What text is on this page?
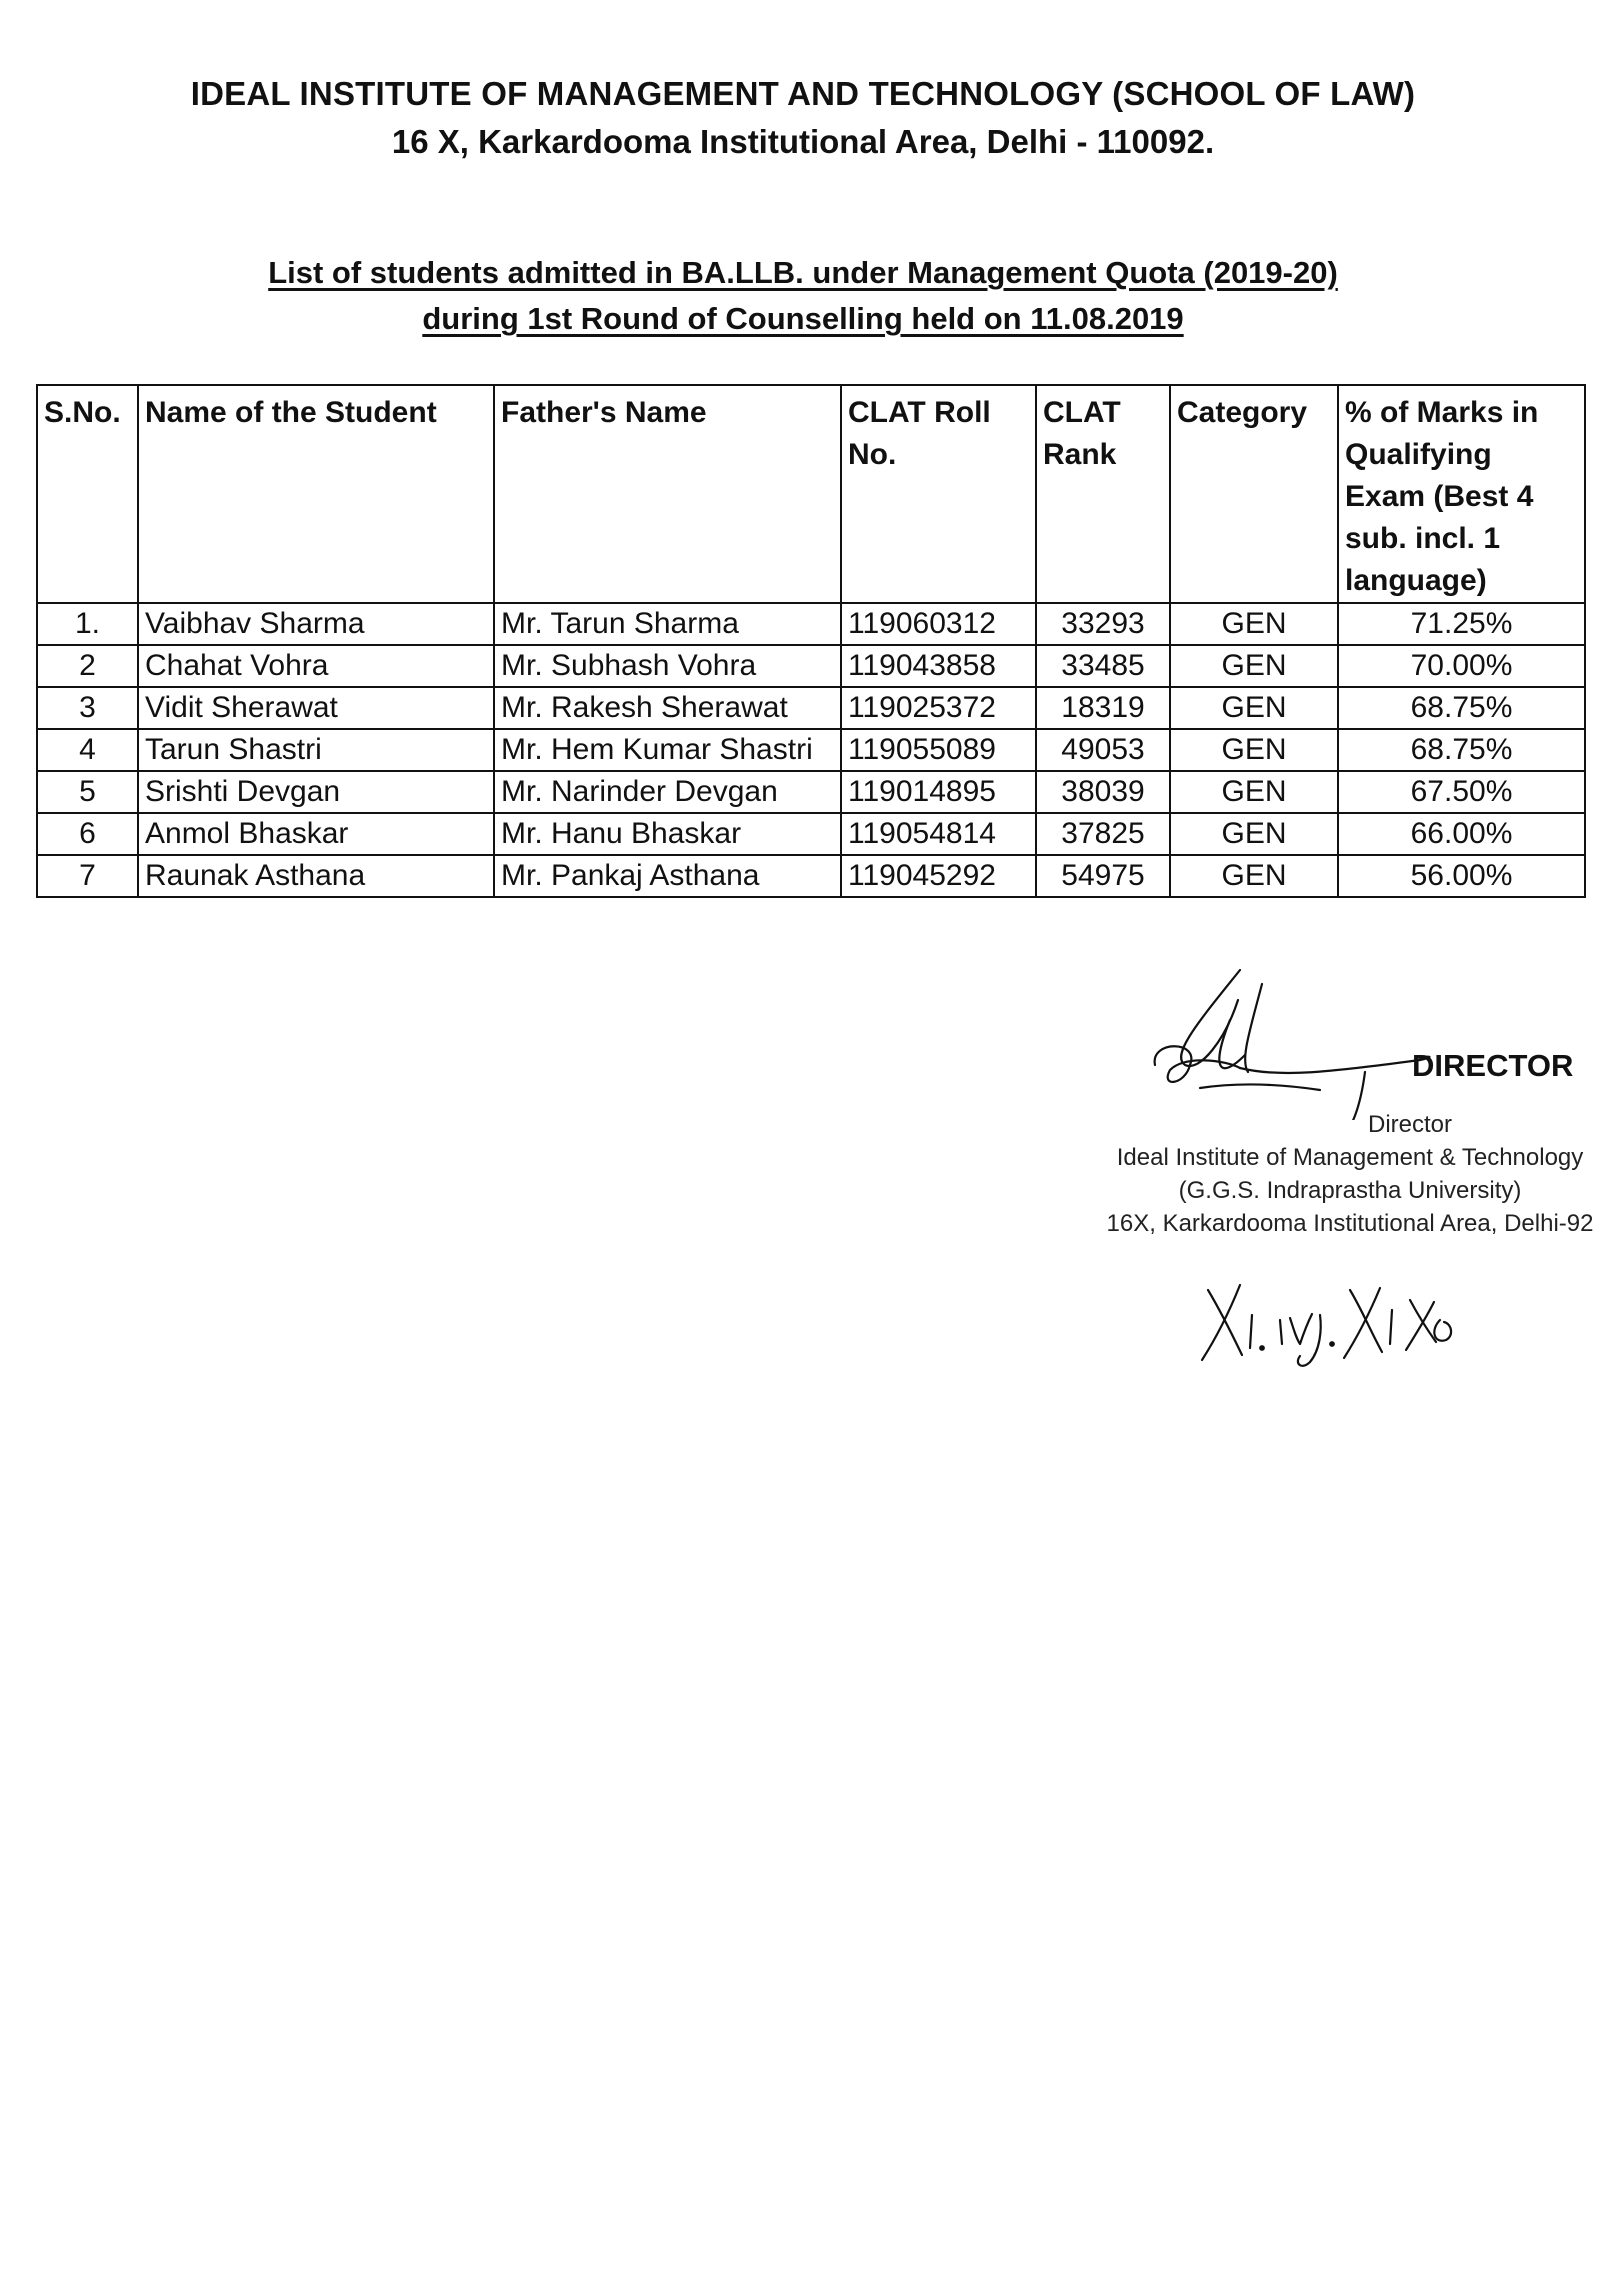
IDEAL INSTITUTE OF MANAGEMENT AND TECHNOLOGY (SCHOOL OF LAW)
16 X, Karkardooma Institutional Area, Delhi - 110092.
List of students admitted in BA.LLB. under Management Quota (2019-20)
during 1st Round of Counselling held on 11.08.2019
S.No.	Name of the Student	Father's Name	CLAT Roll No.	CLAT Rank	Category	% of Marks in Qualifying Exam (Best 4 sub. incl. 1 language)
1.	Vaibhav Sharma	Mr. Tarun Sharma	119060312	33293	GEN	71.25%
2	Chahat Vohra	Mr. Subhash Vohra	119043858	33485	GEN	70.00%
3	Vidit Sherawat	Mr. Rakesh Sherawat	119025372	18319	GEN	68.75%
4	Tarun Shastri	Mr. Hem Kumar Shastri	119055089	49053	GEN	68.75%
5	Srishti Devgan	Mr. Narinder Devgan	119014895	38039	GEN	67.50%
6	Anmol Bhaskar	Mr. Hanu Bhaskar	119054814	37825	GEN	66.00%
7	Raunak Asthana	Mr. Pankaj Asthana	119045292	54975	GEN	56.00%
DIRECTOR
Director
Ideal Institute of Management & Technology
(G.G.S. Indraprastha University)
16X, Karkardooma Institutional Area, Delhi-92
